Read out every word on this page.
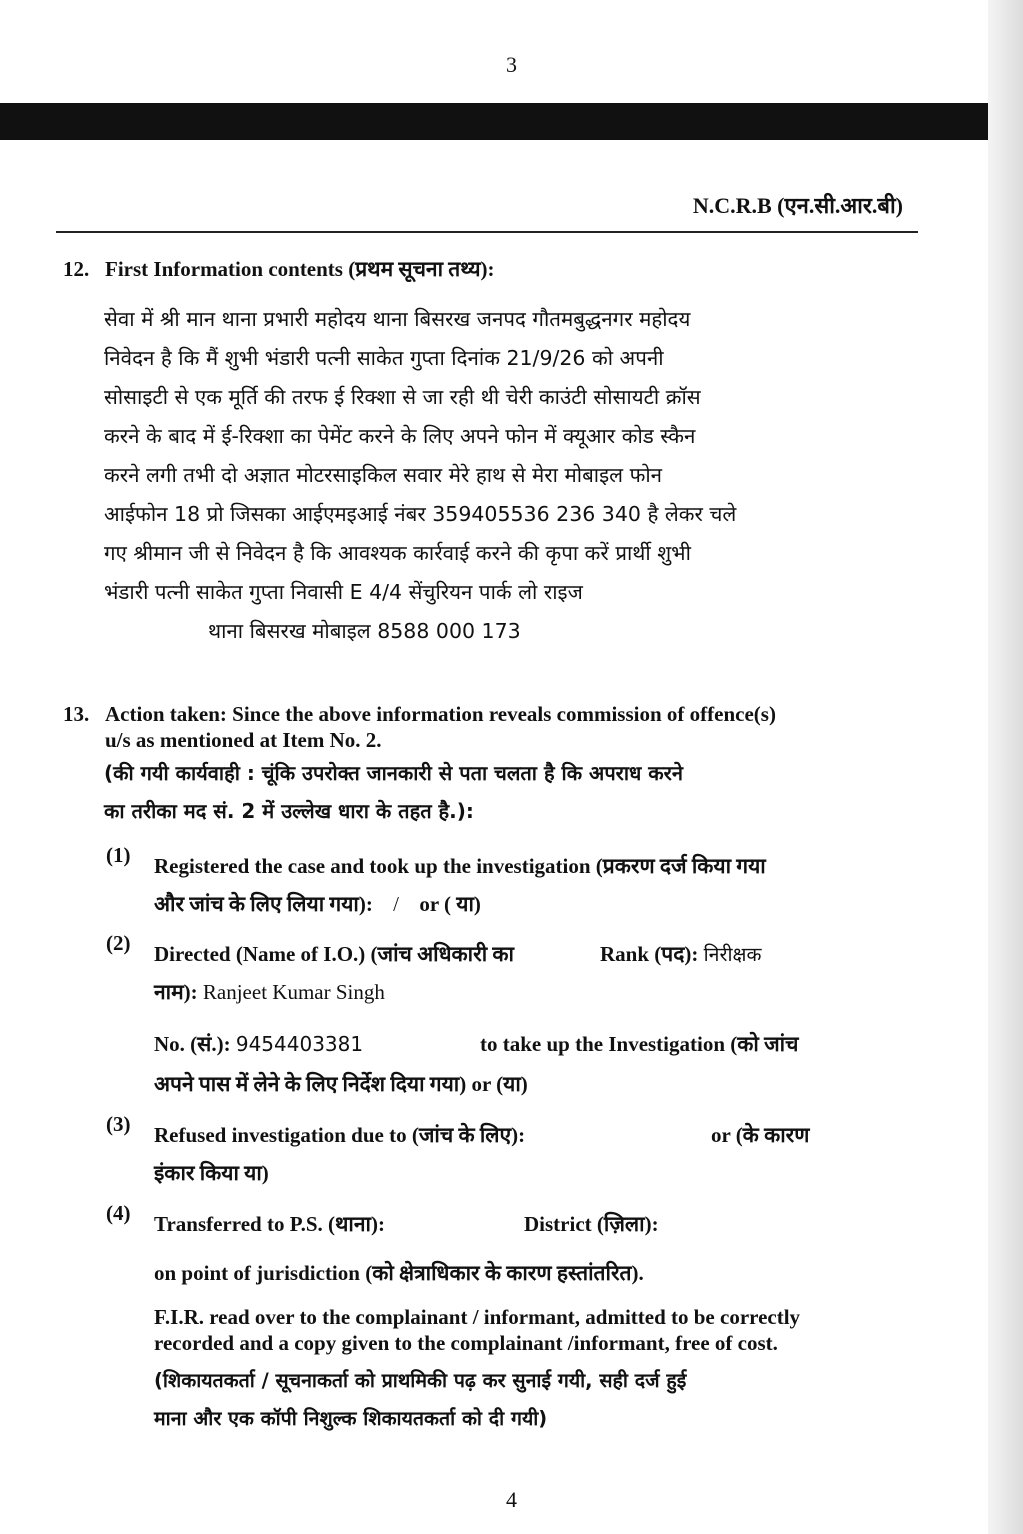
3
N.C.R.B (एन.सी.आर.बी)
12. First Information contents (प्रथम सूचना तथ्य):
सेवा में श्री मान थाना प्रभारी महोदय थाना बिसरख जनपद गौतमबुद्धनगर महोदय
निवेदन है कि मैं शुभी भंडारी पत्नी साकेत गुप्ता दिनांक 21/9/26 को अपनी
सोसाइटी से एक मूर्ति की तरफ ई रिक्शा से जा रही थी चेरी काउंटी सोसायटी क्रॉस
करने के बाद में ई-रिक्शा का पेमेंट करने के लिए अपने फोन में क्यूआर कोड स्कैन
करने लगी तभी दो अज्ञात मोटरसाइकिल सवार मेरे हाथ से मेरा मोबाइल फोन
आईफोन 18 प्रो जिसका आईएमइआई नंबर 359405536 236 340 है लेकर चले
गए श्रीमान जी से निवेदन है कि आवश्यक कार्रवाई करने की कृपा करें प्रार्थी शुभी
भंडारी पत्नी साकेत गुप्ता निवासी E 4/4 सेंचुरियन पार्क लो राइज
थाना बिसरख मोबाइल 8588 000 173
13. Action taken: Since the above information reveals commission of offence(s)
u/s as mentioned at Item No. 2.
(की गयी कार्यवाही : चूंकि उपरोक्त जानकारी से पता चलता है कि अपराध करने
का तरीका मद सं. 2 में उल्लेख धारा के तहत है.):
(1) Registered the case and took up the investigation (प्रकरण दर्ज किया गया
और जांच के लिए लिया गया): / or ( या)
(2) Directed (Name of I.O.) (जांच अधिकारी का	Rank (पद): निरीक्षक
नाम): Ranjeet Kumar Singh
No. (सं.): 9454403381	to take up the Investigation (को जांच
अपने पास में लेने के लिए निर्देश दिया गया) or (या)
(3) Refused investigation due to (जांच के लिए):	or (के कारण
इंकार किया या)
(4) Transferred to P.S. (थाना):	District (ज़िला):
on point of jurisdiction (को क्षेत्राधिकार के कारण हस्तांतरित).
F.I.R. read over to the complainant / informant, admitted to be correctly
recorded and a copy given to the complainant /informant, free of cost.
(शिकायतकर्ता / सूचनाकर्ता को प्राथमिकी पढ़ कर सुनाई गयी, सही दर्ज हुई
माना और एक कॉपी निशुल्क शिकायतकर्ता को दी गयी)
4
